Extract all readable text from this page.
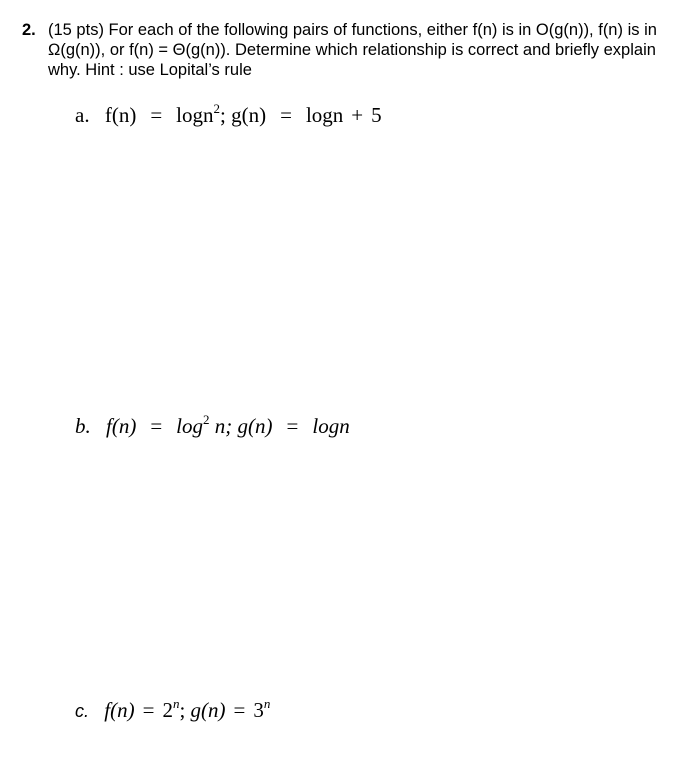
2. (15 pts) For each of the following pairs of functions, either f(n) is in O(g(n)), f(n) is in Ω(g(n)), or f(n) = Θ(g(n)). Determine which relationship is correct and briefly explain why. Hint : use Lopital’s rule
a. f(n) = logn$^2$; g(n) = logn + 5
b. $f(n) = \log^2 n$; g(n) = logn
c. $f(n) = 2^n$; $g(n) = 3^n$
